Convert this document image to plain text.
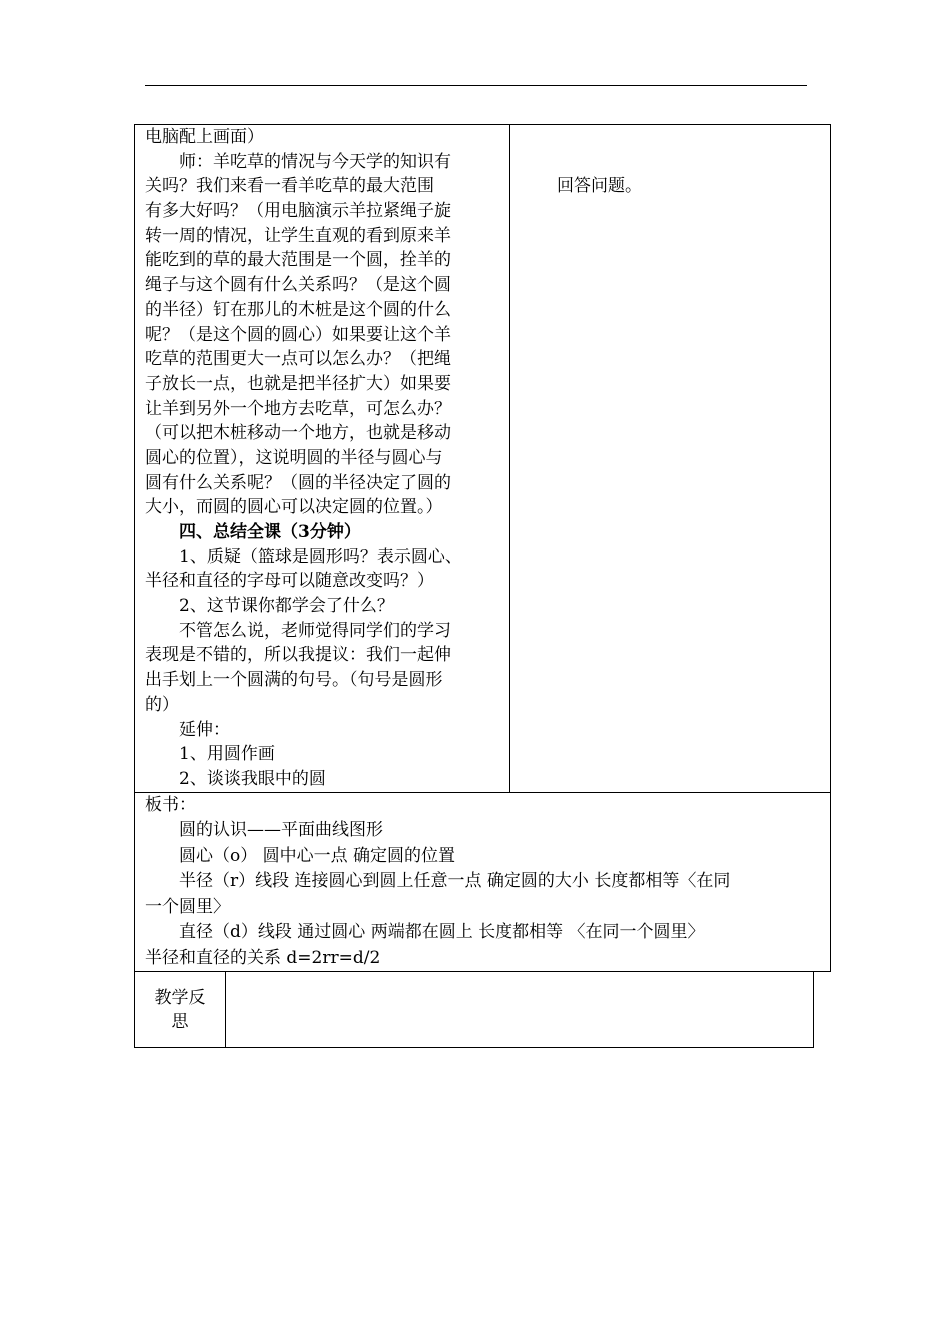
电脑配上画面）
师：羊吃草的情况与今天学的知识有
关吗？我们来看一看羊吃草的最大范围
有多大好吗？（用电脑演示羊拉紧绳子旋
转一周的情况，让学生直观的看到原来羊
能吃到的草的最大范围是一个圆，拴羊的
绳子与这个圆有什么关系吗？（是这个圆
的半径）钉在那儿的木桩是这个圆的什么
呢？（是这个圆的圆心）如果要让这个羊
吃草的范围更大一点可以怎么办？（把绳
子放长一点，也就是把半径扩大）如果要
让羊到另外一个地方去吃草，可怎么办？
（可以把木桩移动一个地方，也就是移动
圆心的位置），这说明圆的半径与圆心与
圆有什么关系呢？（圆的半径决定了圆的
大小，而圆的圆心可以决定圆的位置。）
四、总结全课（3分钟）
1、质疑（篮球是圆形吗？表示圆心、
半径和直径的字母可以随意改变吗？）
2、这节课你都学会了什么？
不管怎么说，老师觉得同学们的学习
表现是不错的，所以我提议：我们一起伸
出手划上一个圆满的句号。（句号是圆形
的）
延伸：
1、用圆作画
2、谈谈我眼中的圆

回答问题。

板书：
圆的认识——平面曲线图形
圆心（o） 圆中心一点 确定圆的位置
半径（r）线段 连接圆心到圆上任意一点 确定圆的大小 长度都相等〈在同
一个圆里〉
直径（d）线段 通过圆心 两端都在圆上 长度都相等 〈在同一个圆里〉
半径和直径的关系 d=2rr=d/2
教学反
思
